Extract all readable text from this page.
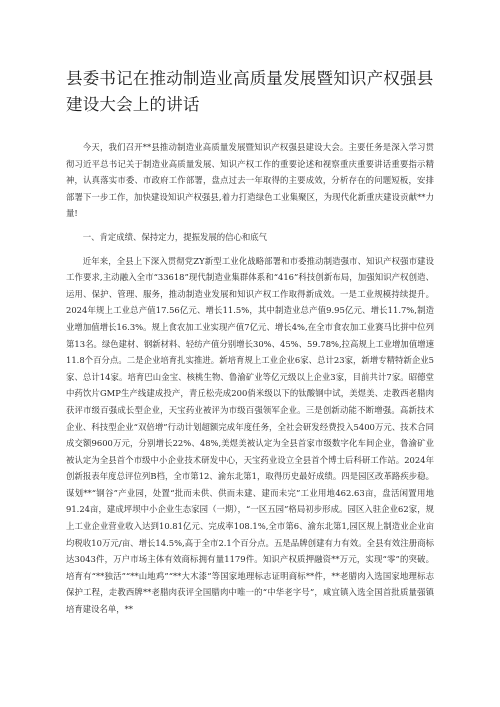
县委书记在推动制造业高质量发展暨知识产权强县建设大会上的讲话

今天，我们召开**县推动制造业高质量发展暨知识产权强县建设大会。主要任务是深入学习贯彻习近平总书记关于制造业高质量发展、知识产权工作的重要论述和视察重庆重要讲话重要指示精神，认真落实市委、市政府工作部署，盘点过去一年取得的主要成效，分析存在的问题短板，安排部署下一步工作，加快建设知识产权强县,着力打造绿色工业集聚区，为现代化新重庆建设贡献**力量!

一、肯定成绩、保持定力，提振发展的信心和底气

近年来，全县上下深入贯彻党ZY新型工业化战略部署和市委推动制造强市、知识产权强市建设工作要求,主动融入全市“33618”现代制造业集群体系和“416”科技创新布局，加强知识产权创造、运用、保护、管理、服务，推动制造业发展和知识产权工作取得新成效。一是工业规模持续提升。2024年规上工业总产值17.56亿元、增长11.5%，其中制造业总产值9.95亿元、增长11.7%,制造业增加值增长16.3%。规上食农加工业实现产值7亿元、增长4%,在全市食农加工业赛马比拼中位列第13名。绿色建材、钢新材料、轻纺产值分别增长30%、45%、59.78%,拉高规上工业增加值增速11.8个百分点。二是企业培育扎实推进。新培育规上工业企业6家、总计23家，新增专精特新企业5家、总计14家。培育巴山金宝、核桃生物、鲁渝矿业等亿元级以上企业3家，目前共计7家。昭德堂中药饮片GMP生产线建成投产，青丘松壳成200俏米级以下的钛酸钢中试，美煜美、走教西老腊肉获评市级百强成长型企业，天宝药业被评为市级百强领军企业。三是创新动能不断增强。高新技术企业、科技型企业“双倍增”行动计划超额完成年度任务，全社会研发经费投入5400万元、技术合同成交额9600万元，分别增长22%、48%,美煜美被认定为全县首家市级数字化车间企业，鲁渝矿业被认定为全县首个市级中小企业技术研发中心，天宝药业设立全县首个博士后科研工作站。2024年创新报表年度总评位列B档，全市第12、渝东北第1，取得历史最好成绩。四是园区改革路疾步稳。谋划**“钢谷”产业园，处置“批而未供、供而未建、建而未完”工业用地462.63亩，盘活闲置用地91.24亩，建成坪坝中小企业生态家园（一期），“一区五园”格局初步形成。园区入驻企业62家，规上工业企业营业收入达到10.81亿元、完成率108.1%,全市第6、渝东北第1,园区规上制造业企业亩均税收10万元/亩、增长14.5%,高于全市2.1个百分点。五是品牌创建有力有效。全县有效注册商标达3043件，万户市场主体有效商标拥有量1179件。知识产权质押融资**万元，实现“零”的突破。培育有“**独活”“**山地鸡”“**大木漆”等国家地理标志证明商标**件，**老腊肉入选国家地理标志保护工程，走教西牌**老腊肉获评全国腊肉中唯一的“中华老字号”，咸宜镇入选全国首批质量强镇培育建设名单，**
